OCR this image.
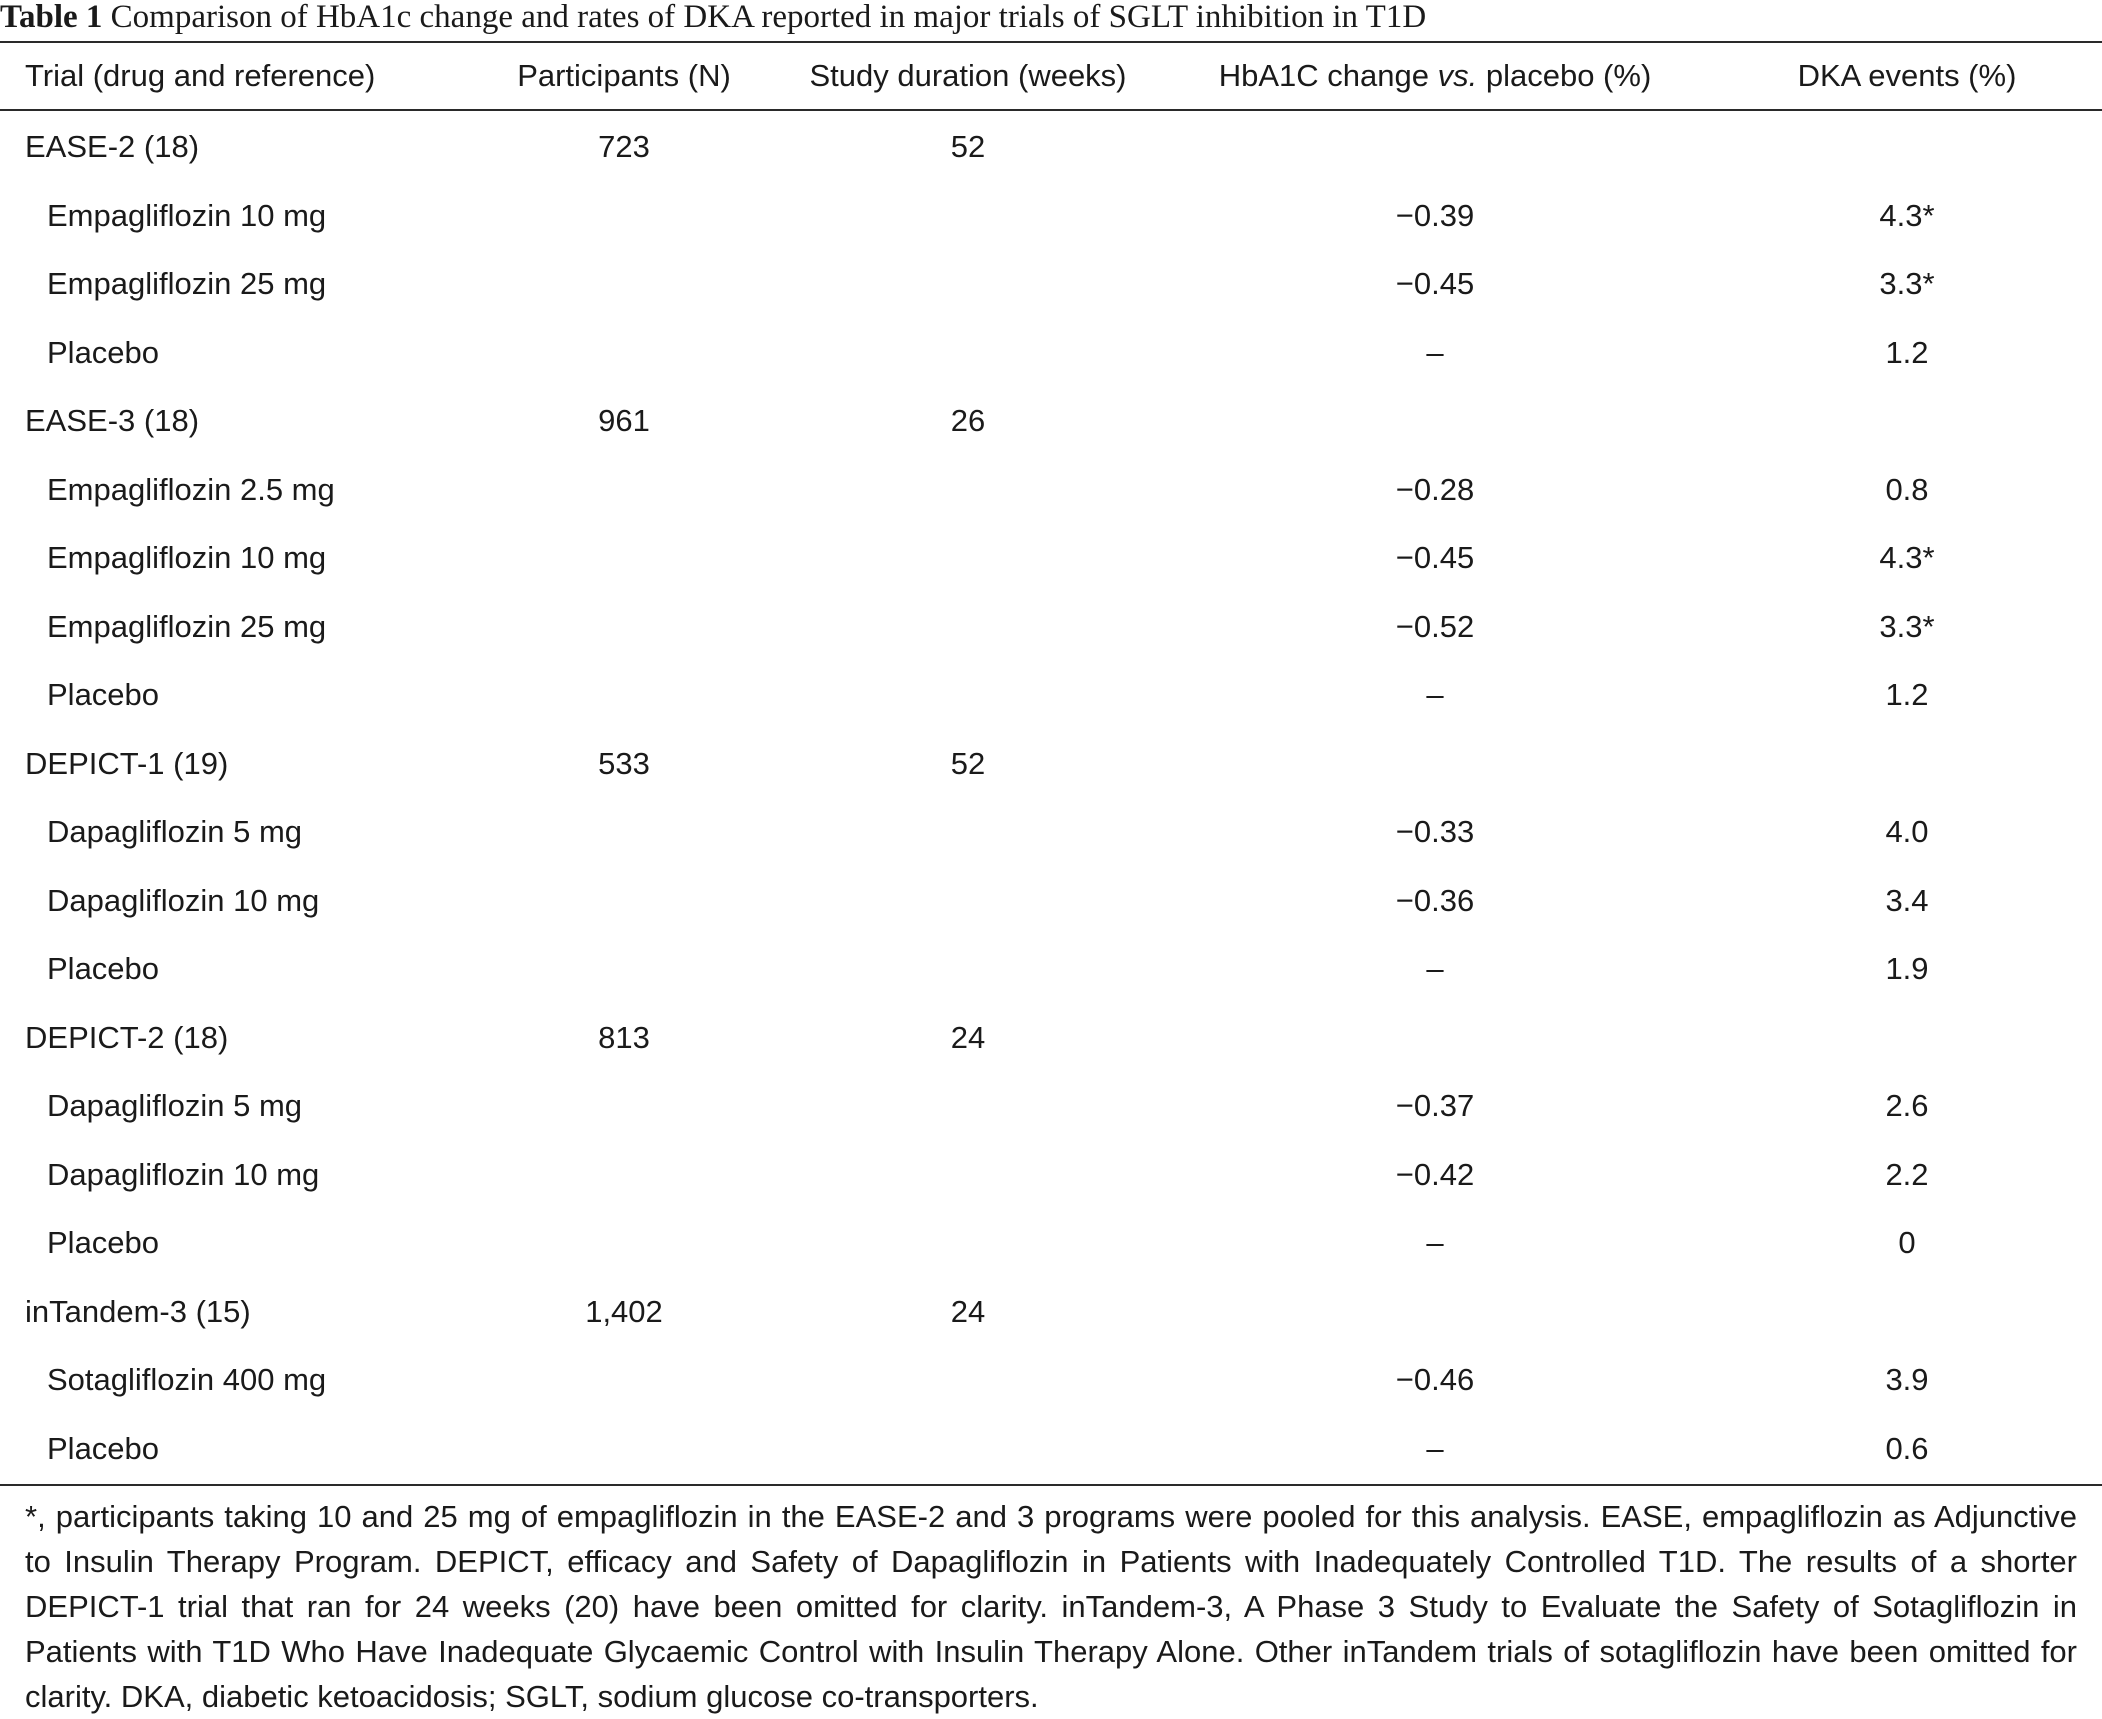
Table 1 Comparison of HbA1c change and rates of DKA reported in major trials of SGLT inhibition in T1D
Trial (drug and reference)	Participants (N)	Study duration (weeks)	HbA1C change vs. placebo (%)	DKA events (%)
EASE-2 (18)	723	52		
Empagliflozin 10 mg			−0.39	4.3*
Empagliflozin 25 mg			−0.45	3.3*
Placebo			–	1.2
EASE-3 (18)	961	26		
Empagliflozin 2.5 mg			−0.28	0.8
Empagliflozin 10 mg			−0.45	4.3*
Empagliflozin 25 mg			−0.52	3.3*
Placebo			–	1.2
DEPICT-1 (19)	533	52		
Dapagliflozin 5 mg			−0.33	4.0
Dapagliflozin 10 mg			−0.36	3.4
Placebo			–	1.9
DEPICT-2 (18)	813	24		
Dapagliflozin 5 mg			−0.37	2.6
Dapagliflozin 10 mg			−0.42	2.2
Placebo			–	0
inTandem-3 (15)	1,402	24		
Sotagliflozin 400 mg			−0.46	3.9
Placebo			–	0.6
*, participants taking 10 and 25 mg of empagliflozin in the EASE-2 and 3 programs were pooled for this analysis. EASE, empagliflozin as Adjunctive to Insulin Therapy Program. DEPICT, efficacy and Safety of Dapagliflozin in Patients with Inadequately Controlled T1D. The results of a shorter DEPICT-1 trial that ran for 24 weeks (20) have been omitted for clarity. inTandem-3, A Phase 3 Study to Evaluate the Safety of Sotagliflozin in Patients with T1D Who Have Inadequate Glycaemic Control with Insulin Therapy Alone. Other inTandem trials of sotagliflozin have been omitted for clarity. DKA, diabetic ketoacidosis; SGLT, sodium glucose co-transporters.
